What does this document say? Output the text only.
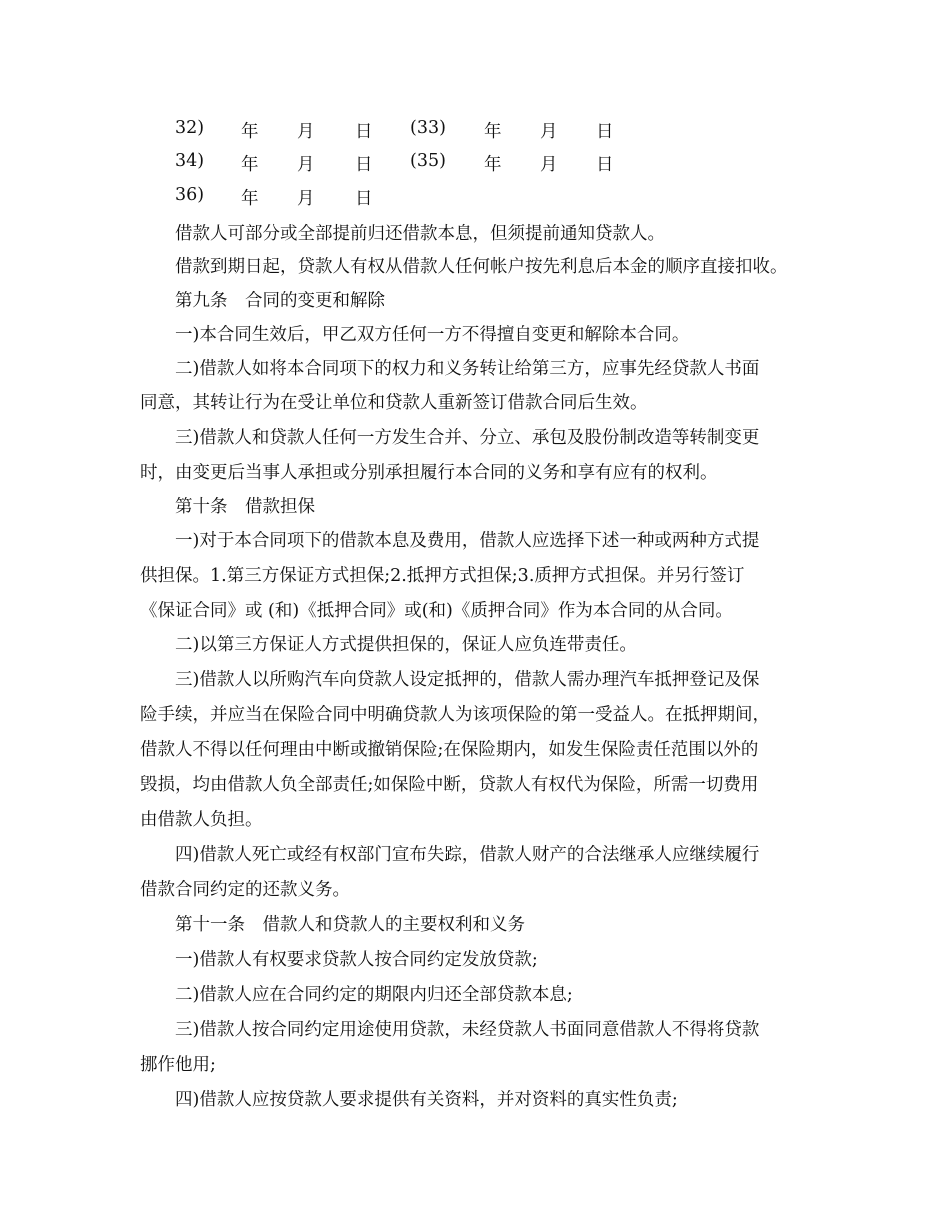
32) 年 月 日 (33) 年 月 日
34) 年 月 日 (35) 年 月 日
36) 年 月 日
借款人可部分或全部提前归还借款本息，但须提前通知贷款人。
借款到期日起，贷款人有权从借款人任何帐户按先利息后本金的顺序直接扣收。
第九条　合同的变更和解除
一)本合同生效后，甲乙双方任何一方不得擅自变更和解除本合同。
二)借款人如将本合同项下的权力和义务转让给第三方，应事先经贷款人书面
同意，其转让行为在受让单位和贷款人重新签订借款合同后生效。
三)借款人和贷款人任何一方发生合并、分立、承包及股份制改造等转制变更
时，由变更后当事人承担或分别承担履行本合同的义务和享有应有的权利。
第十条　借款担保
一)对于本合同项下的借款本息及费用，借款人应选择下述一种或两种方式提
供担保。1.第三方保证方式担保;2.抵押方式担保;3.质押方式担保。并另行签订
《保证合同》或 (和)《抵押合同》或(和)《质押合同》作为本合同的从合同。
二)以第三方保证人方式提供担保的，保证人应负连带责任。
三)借款人以所购汽车向贷款人设定抵押的，借款人需办理汽车抵押登记及保
险手续，并应当在保险合同中明确贷款人为该项保险的第一受益人。在抵押期间，
借款人不得以任何理由中断或撤销保险;在保险期内，如发生保险责任范围以外的
毁损，均由借款人负全部责任;如保险中断，贷款人有权代为保险，所需一切费用
由借款人负担。
四)借款人死亡或经有权部门宣布失踪，借款人财产的合法继承人应继续履行
借款合同约定的还款义务。
第十一条　借款人和贷款人的主要权利和义务
一)借款人有权要求贷款人按合同约定发放贷款;
二)借款人应在合同约定的期限内归还全部贷款本息;
三)借款人按合同约定用途使用贷款，未经贷款人书面同意借款人不得将贷款
挪作他用;
四)借款人应按贷款人要求提供有关资料，并对资料的真实性负责;
